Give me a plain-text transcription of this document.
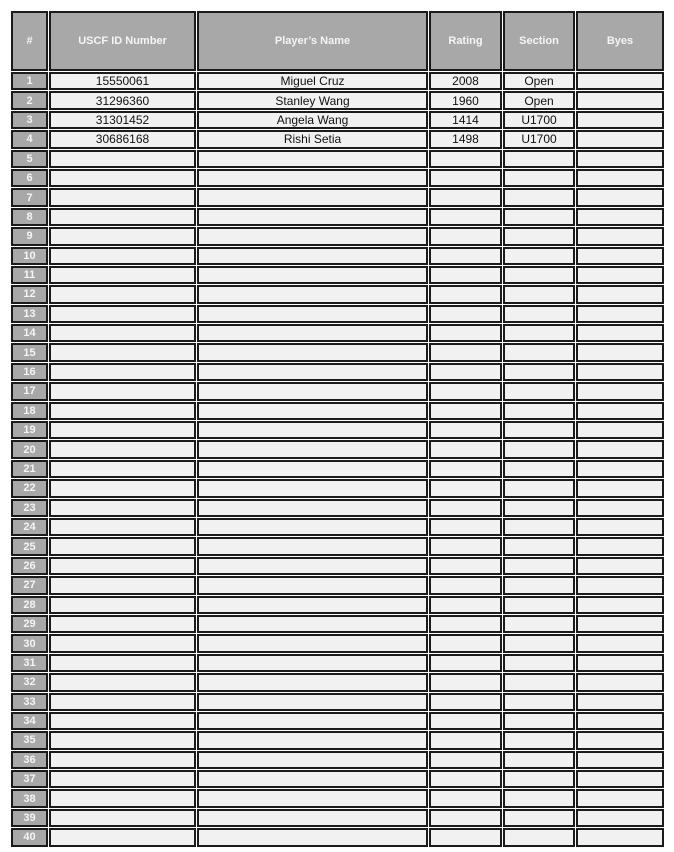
#	USCF ID Number	Player’s Name	Rating	Section	Byes
1	15550061	Miguel Cruz	2008	Open	
2	31296360	Stanley Wang	1960	Open	
3	31301452	Angela Wang	1414	U1700	
4	30686168	Rishi Setia	1498	U1700	
5					
6					
7					
8					
9					
10					
11					
12					
13					
14					
15					
16					
17					
18					
19					
20					
21					
22					
23					
24					
25					
26					
27					
28					
29					
30					
31					
32					
33					
34					
35					
36					
37					
38					
39					
40					
